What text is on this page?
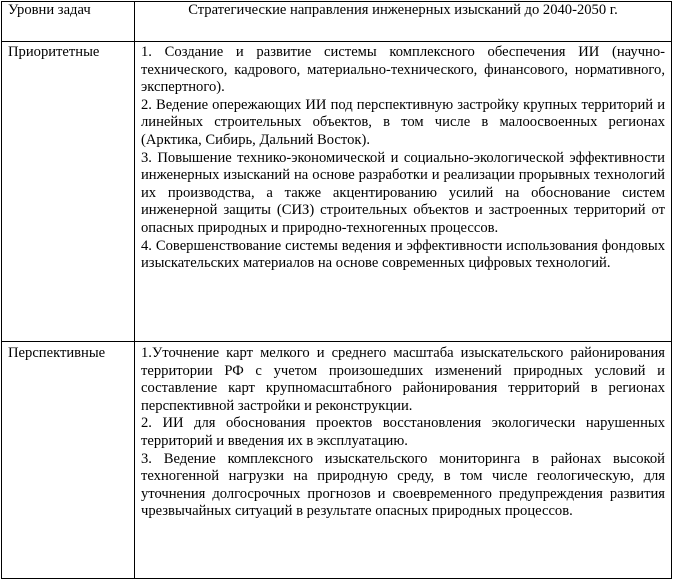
Уровни задач	Стратегические направления инженерных изысканий до 2040-2050 г.
Приоритетные	1. Создание и развитие системы комплексного обеспечения ИИ (научно-технического, кадрового, материально-технического, финансового, нормативного, экспертного).

2. Ведение опережающих ИИ под перспективную застройку крупных территорий и линейных строительных объектов, в том числе в малоосвоенных регионах (Арктика, Сибирь, Дальний Восток).

3. Повышение технико-экономической и социально-экологической эффективности инженерных изысканий на основе разработки и реализации прорывных технологий их производства, а также акцентированию усилий на обоснование систем инженерной защиты (СИЗ) строительных объектов и застроенных территорий от опасных природных и природно-техногенных процессов.

4. Совершенствование системы ведения и эффективности использования фондовых изыскательских материалов на основе современных цифровых технологий.

Перспективные	1.Уточнение карт мелкого и среднего масштаба изыскательского районирования территории РФ с учетом произошедших изменений природных условий и составление карт крупномасштабного районирования территорий в регионах перспективной застройки и реконструкции.

2. ИИ для обоснования проектов восстановления экологически нарушенных территорий и введения их в эксплуатацию.

3. Ведение комплексного изыскательского мониторинга в районах высокой техногенной нагрузки на природную среду, в том числе геологическую, для уточнения долгосрочных прогнозов и своевременного предупреждения развития чрезвычайных ситуаций в результате опасных природных процессов.
